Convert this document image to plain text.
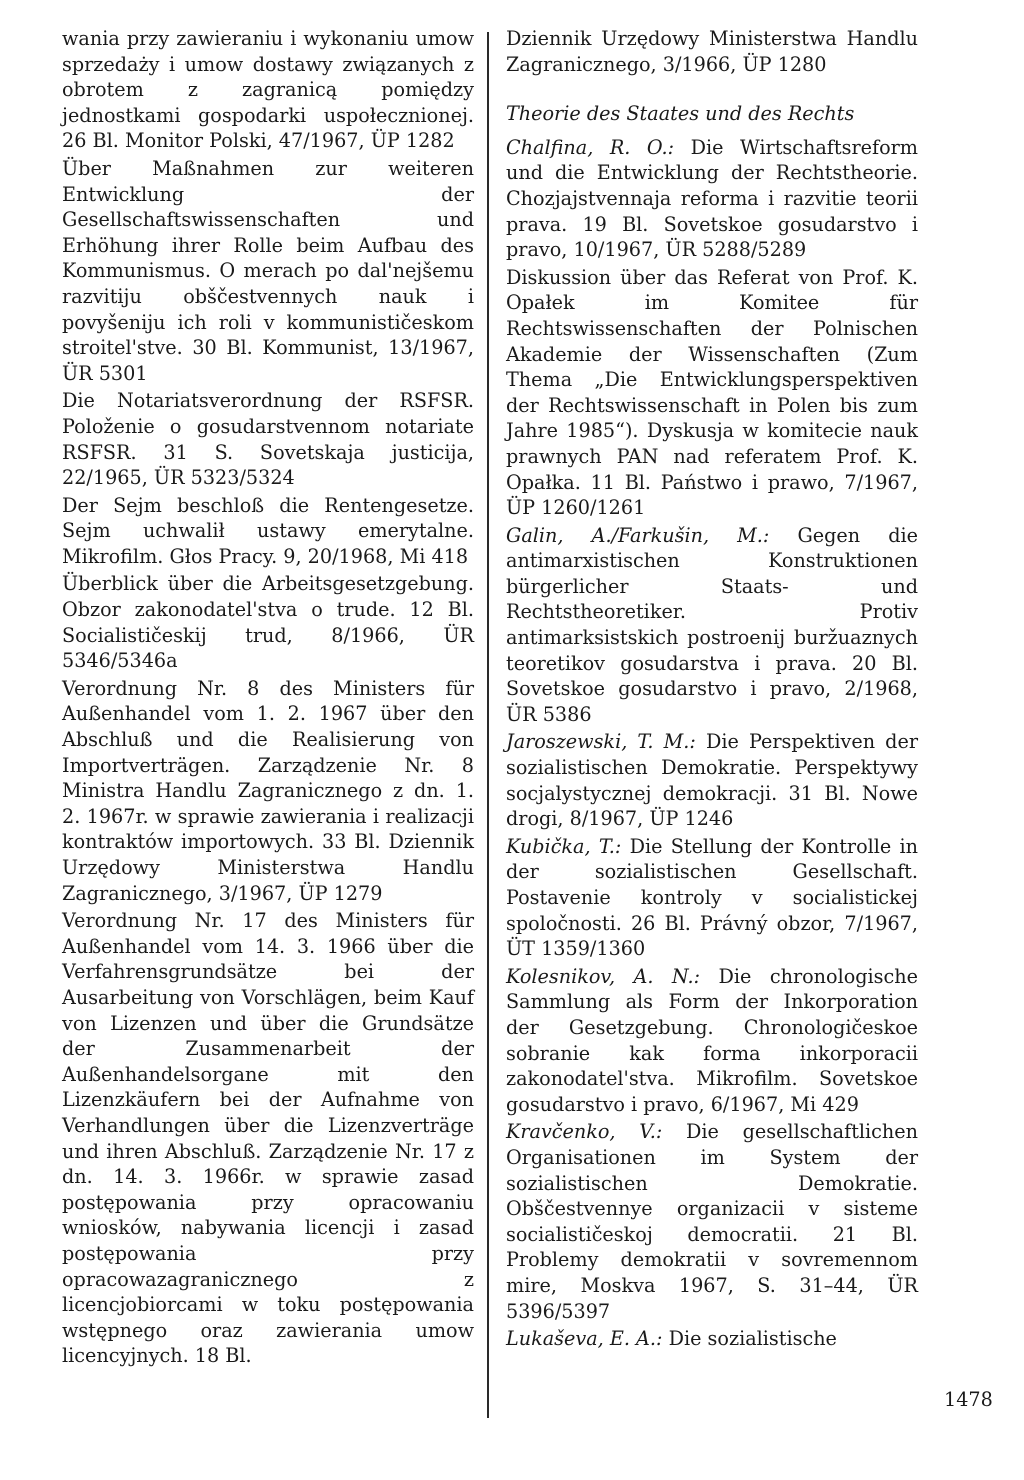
wania przy zawieraniu i wykonaniu umow sprzedaży i umow dostawy związanych z obrotem z zagranicą pomiędzy jednostkami gospodarki uspołecznionej. 26 Bl. Monitor Polski, 47/1967, ÜP 1282

Über Maßnahmen zur weiteren Entwicklung der Gesellschaftswissenschaften und Erhöhung ihrer Rolle beim Aufbau des Kommunismus. O merach po dal'nejšemu razvitiju obščestvennych nauk i povyšeniju ich roli v kommunističeskom stroitel'stve. 30 Bl. Kommunist, 13/1967, ÜR 5301

Die Notariatsverordnung der RSFSR. Položenie o gosudarstvennom notariate RSFSR. 31 S. Sovetskaja justicija, 22/1965, ÜR 5323/5324

Der Sejm beschloß die Rentengesetze. Sejm uchwalił ustawy emerytalne. Mikrofilm. Głos Pracy. 9, 20/1968, Mi 418

Überblick über die Arbeitsgesetzgebung. Obzor zakonodatel'stva o trude. 12 Bl. Socialističeskij trud, 8/1966, ÜR 5346/5346a

Verordnung Nr. 8 des Ministers für Außenhandel vom 1. 2. 1967 über den Abschluß und die Realisierung von Importverträgen. Zarządzenie Nr. 8 Ministra Handlu Zagranicznego z dn. 1. 2. 1967r. w sprawie zawierania i realizacji kontraktów importowych. 33 Bl. Dziennik Urzędowy Ministerstwa Handlu Zagranicznego, 3/1967, ÜP 1279

Verordnung Nr. 17 des Ministers für Außenhandel vom 14. 3. 1966 über die Verfahrensgrundsätze bei der Ausarbeitung von Vorschlägen, beim Kauf von Lizenzen und über die Grundsätze der Zusammenarbeit der Außenhandelsorgane mit den Lizenzkäufern bei der Aufnahme von Verhandlungen über die Lizenzverträge und ihren Abschluß. Zarządzenie Nr. 17 z dn. 14. 3. 1966r. w sprawie zasad postępowania przy opracowaniu wniosków, nabywania licencji i zasad postępowania przy opracowazagranicznego z licencjobiorcami w toku postępowania wstępnego oraz zawierania umow licencyjnych. 18 Bl.

Dziennik Urzędowy Ministerstwa Handlu Zagranicznego, 3/1966, ÜP 1280

Theorie des Staates und des Rechts

Chalfina, R. O.: Die Wirtschaftsreform und die Entwicklung der Rechtstheorie. Chozjajstvennaja reforma i razvitie teorii prava. 19 Bl. Sovetskoe gosudarstvo i pravo, 10/1967, ÜR 5288/5289

Diskussion über das Referat von Prof. K. Opałek im Komitee für Rechtswissenschaften der Polnischen Akademie der Wissenschaften (Zum Thema „Die Entwicklungsperspektiven der Rechtswissenschaft in Polen bis zum Jahre 1985“). Dyskusja w komitecie nauk prawnych PAN nad referatem Prof. K. Opałka. 11 Bl. Państwo i prawo, 7/1967, ÜP 1260/1261

Galin, A./Farkušin, M.: Gegen die antimarxistischen Konstruktionen bürgerlicher Staats- und Rechtstheoretiker. Protiv antimarksistskich postroenij buržuaznych teoretikov gosudarstva i prava. 20 Bl. Sovetskoe gosudarstvo i pravo, 2/1968, ÜR 5386

Jaroszewski, T. M.: Die Perspektiven der sozialistischen Demokratie. Perspektywy socjalystycznej demokracji. 31 Bl. Nowe drogi, 8/1967, ÜP 1246

Kubička, T.: Die Stellung der Kontrolle in der sozialistischen Gesellschaft. Postavenie kontroly v socialistickej spoločnosti. 26 Bl. Právný obzor, 7/1967, ÜT 1359/1360

Kolesnikov, A. N.: Die chronologische Sammlung als Form der Inkorporation der Gesetzgebung. Chronologičeskoe sobranie kak forma inkorporacii zakonodatel'stva. Mikrofilm. Sovetskoe gosudarstvo i pravo, 6/1967, Mi 429

Kravčenko, V.: Die gesellschaftlichen Organisationen im System der sozialistischen Demokratie. Obščestvennye organizacii v sisteme socialističeskoj democratii. 21 Bl. Problemy demokratii v sovremennom mire, Moskva 1967, S. 31–44, ÜR 5396/5397

Lukaševa, E. A.: Die sozialistische

1478
